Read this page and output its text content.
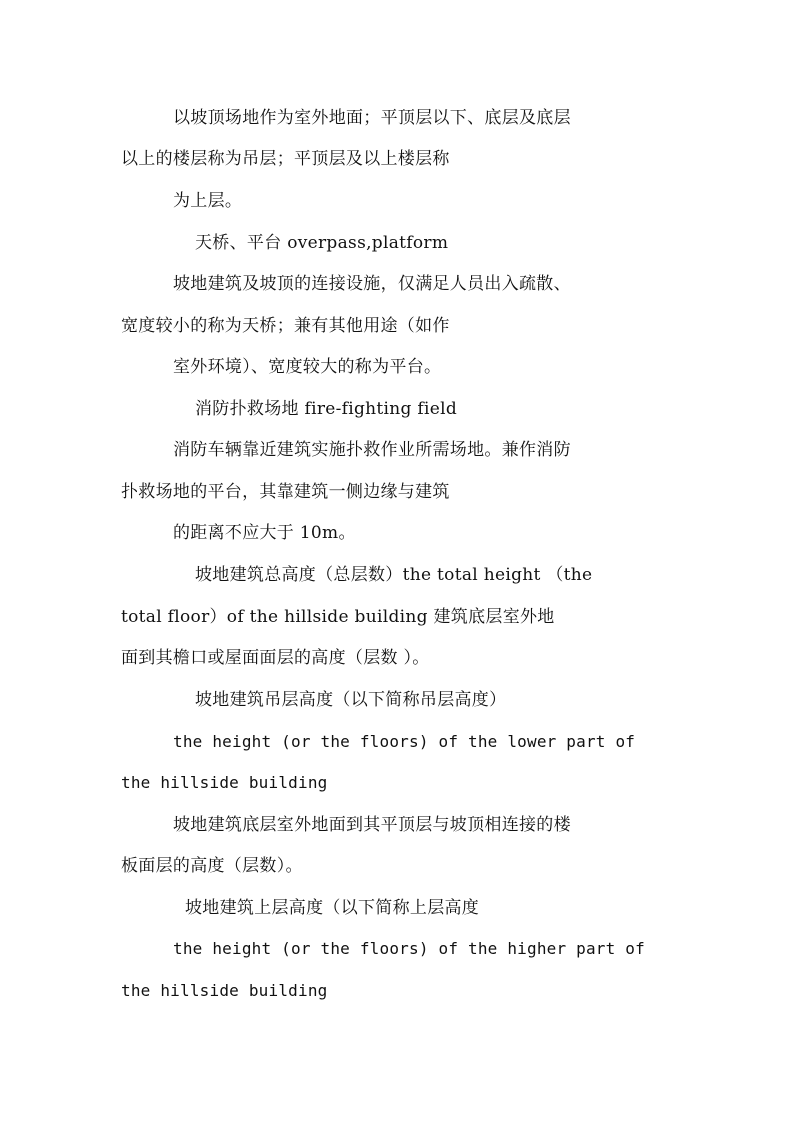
以坡顶场地作为室外地面；平顶层以下、底层及底层
以上的楼层称为吊层；平顶层及以上楼层称
为上层。
天桥、平台 overpass,platform
坡地建筑及坡顶的连接设施，仅满足人员出入疏散、
宽度较小的称为天桥；兼有其他用途（如作
室外环境）、宽度较大的称为平台。
消防扑救场地 fire-fighting field
消防车辆靠近建筑实施扑救作业所需场地。兼作消防
扑救场地的平台，其靠建筑一侧边缘与建筑
的距离不应大于 10m。
坡地建筑总高度（总层数）the total height （the
total floor）of the hillside building 建筑底层室外地
面到其檐口或屋面面层的高度（层数 ）。
坡地建筑吊层高度（以下简称吊层高度）
the height (or the floors) of the lower part of
the hillside building
坡地建筑底层室外地面到其平顶层与坡顶相连接的楼
板面层的高度（层数）。
坡地建筑上层高度（以下简称上层高度
the height (or the floors) of the higher part of
the hillside building
